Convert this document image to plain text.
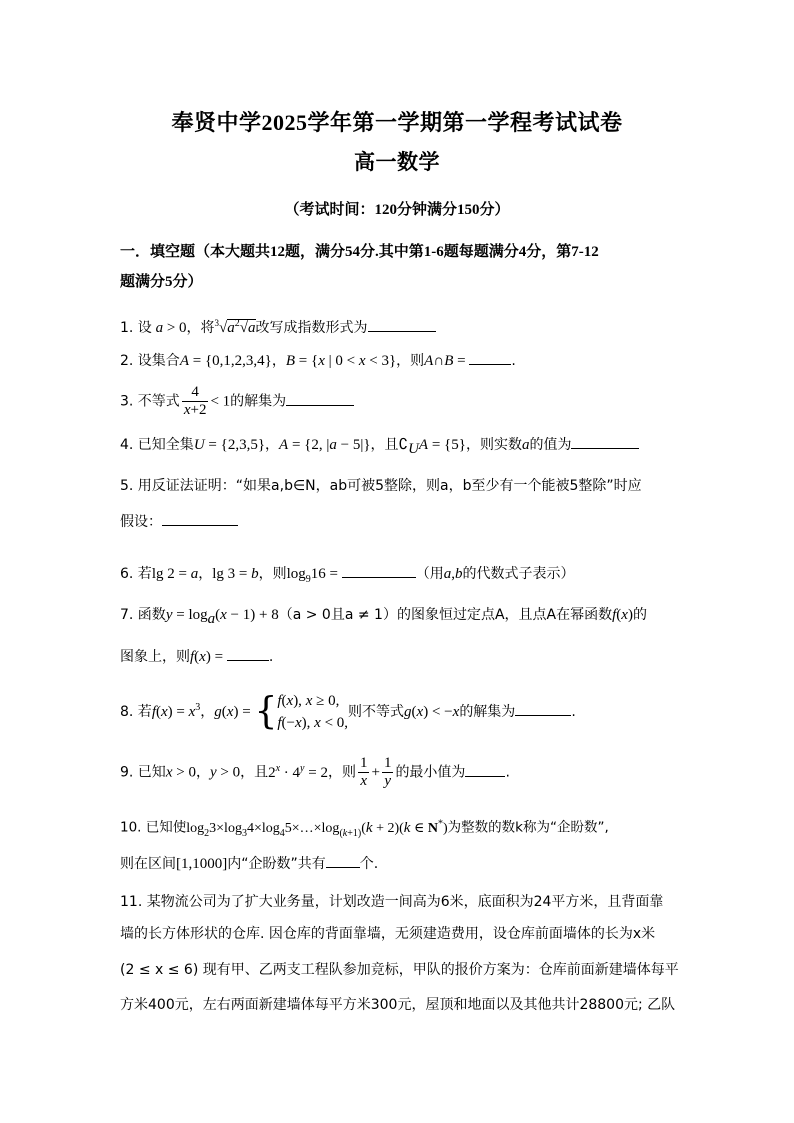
奉贤中学2025学年第一学期第一学程考试试卷
高一数学
（考试时间：120分钟满分150分）
一．填空题（本大题共12题，满分54分.其中第1-6题每题满分4分，第7-12
题满分5分）
1. 设 a > 0，将$^3√a^2√a$改写成指数形式为
2. 设集合A = {0,1,2,3,4}，B = {x | 0 < x < 3}，则A∩B =	.
3. 不等式 $\frac{4}{x+2} < 1$的解集为
4. 已知全集U = {2,3,5}，A = {2, |a − 5|}，且$∁_UA = \{5\}$，则实数a的值为
5. 用反证法证明：“如果a,b∈N，ab可被5整除，则a，b至少有一个能被5整除”时应
假设：
6. 若lg 2 = a，lg 3 = b，则$\log_916$ =	（用a,b的代数式子表示）
7. 函数$y = \log_a(x - 1) + 8(a > 0$且a ≠ 1）的图象恒过定点A，且点A在幂函数f(x)的
图象上，则f(x) =	.
8. 若$f(x) = x^3$，g(x) = { f(x), x ≥ 0,
f(−x), x < 0,
则不等式g(x) < −x的解集为	.
9. 已知x > 0，y > 0，且$2^x \cdot 4^y = 2$，则 $\frac{1}{x} + \frac{1}{y}$ 的最小值为	.
10. 已知使$\log_23\times\log_34\times\log_45\times\dots\times\log_{(k+1)}(k + 2)(k$ ∈ N*)为整数的数k称为“企盼数”,
则在区间[1,1000]内“企盼数”共有 个.
11. 某物流公司为了扩大业务量，计划改造一间高为6米，底面积为24平方米，且背面靠
墙的长方体形状的仓库. 因仓库的背面靠墙，无须建造费用，设仓库前面墙体的长为x米
(2 ≤ x ≤ 6) 现有甲、乙两支工程队参加竞标，甲队的报价方案为：仓库前面新建墙体每平
方米400元，左右两面新建墙体每平方米300元，屋顶和地面以及其他共计28800元; 乙队
